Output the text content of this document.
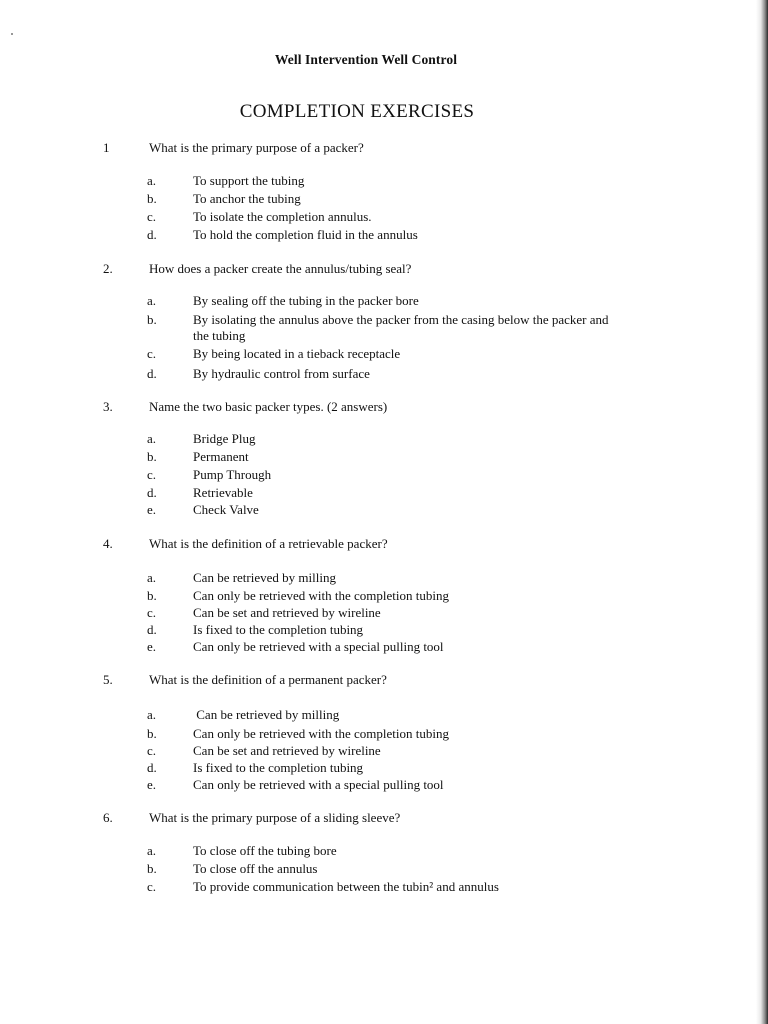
Well Intervention Well Control
COMPLETION EXERCISES
1	What is the primary purpose of a packer?
a.	To support the tubing
b.	To anchor the tubing
c.	To isolate the completion annulus.
d.	To hold the completion fluid in the annulus
2.	How does a packer create the annulus/tubing seal?
a.	By sealing off the tubing in the packer bore
b.	By isolating the annulus above the packer from the casing below the packer and the tubing
c.	By being located in a tieback receptacle
d.	By hydraulic control from surface
3.	Name the two basic packer types. (2 answers)
a.	Bridge Plug
b.	Permanent
c.	Pump Through
d.	Retrievable
e.	Check Valve
4.	What is the definition of a retrievable packer?
a.	Can be retrieved by milling
b.	Can only be retrieved with the completion tubing
c.	Can be set and retrieved by wireline
d.	Is fixed to the completion tubing
e.	Can only be retrieved with a special pulling tool
5.	What is the definition of a permanent packer?
a.	Can be retrieved by milling
b.	Can only be retrieved with the completion tubing
c.	Can be set and retrieved by wireline
d.	Is fixed to the completion tubing
e.	Can only be retrieved with a special pulling tool
6.	What is the primary purpose of a sliding sleeve?
a.	To close off the tubing bore
b.	To close off the annulus
c.	To provide communication between the tubin² and annulus
